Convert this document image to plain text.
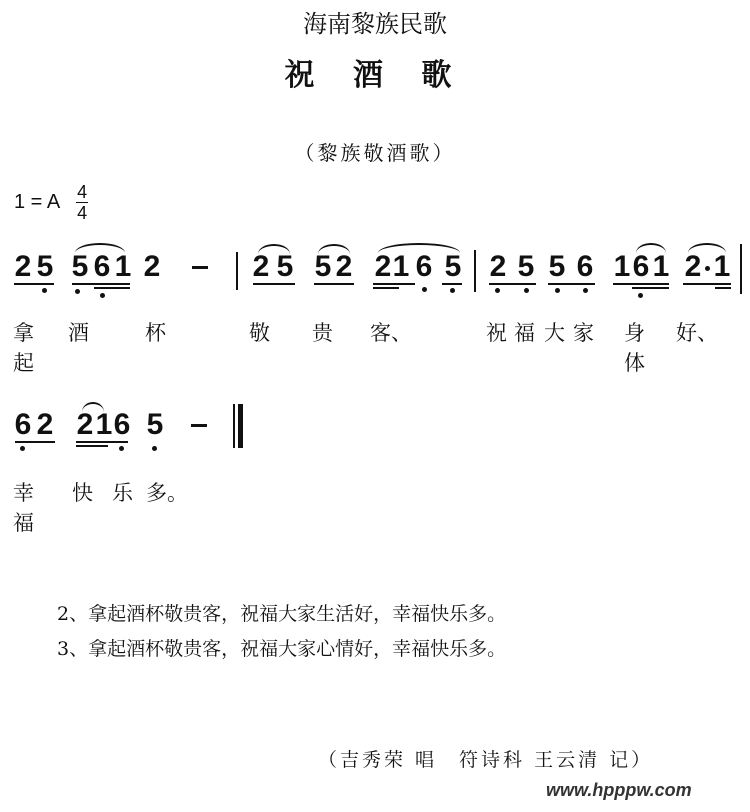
海南黎族民歌
祝 酒 歌
（黎族敬酒歌）
1 = A 4
4
2 5 5 6 1 2	2 5 5 2 2 1 6 5 2 5 5 6 1 6 1 2 1
拿起
酒	杯	敬 贵 客、	祝 福 大 家 身体
好、
6 2 2 1 6 5
幸福
快 乐 多。
2、拿起酒杯敬贵客，祝福大家生活好，幸福快乐多。
3、拿起酒杯敬贵客，祝福大家心情好，幸福快乐多。
（吉秀荣 唱　符诗科 王云清 记）
www.hpppw.com
